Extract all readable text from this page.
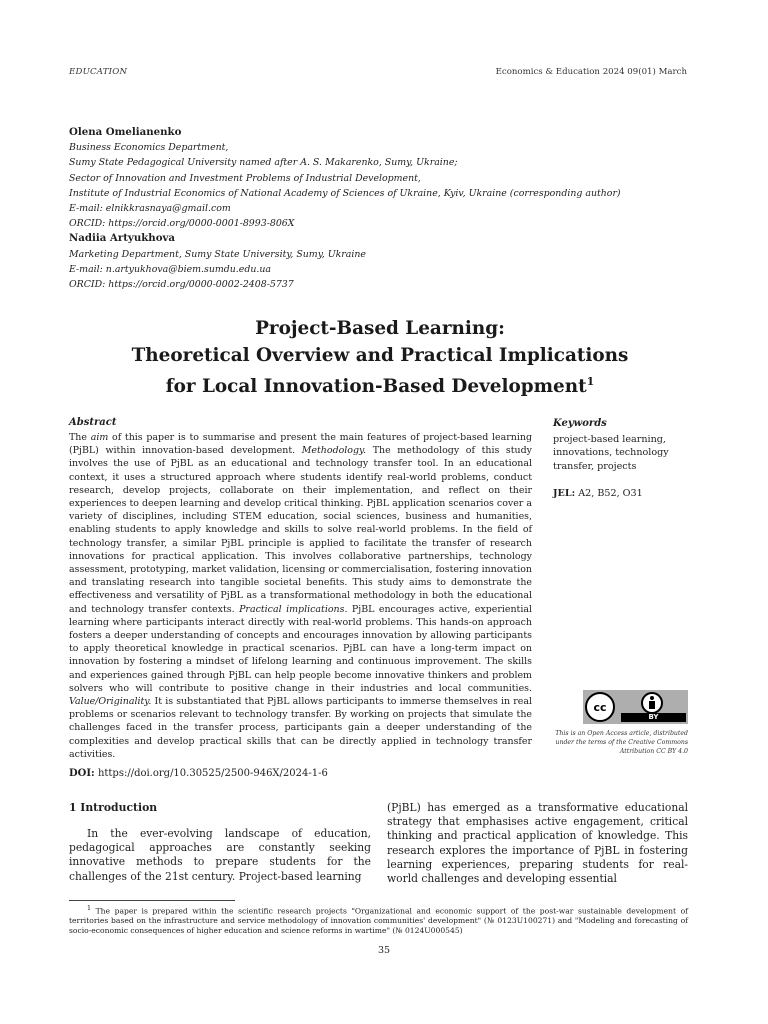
EDUCATION	Economics & Education 2024 09(01) March
Olena Omelianenko
Business Economics Department,
Sumy State Pedagogical University named after A. S. Makarenko, Sumy, Ukraine;
Sector of Innovation and Investment Problems of Industrial Development,
Institute of Industrial Economics of National Academy of Sciences of Ukraine, Kyiv, Ukraine (corresponding author)
E-mail: elnikkrasnaya@gmail.com
ORCID: https://orcid.org/0000-0001-8993-806X
Nadiia Artyukhova
Marketing Department, Sumy State University, Sumy, Ukraine
E-mail: n.artyukhova@biem.sumdu.edu.ua
ORCID: https://orcid.org/0000-0002-2408-5737
Project-Based Learning:
Theoretical Overview and Practical Implications
for Local Innovation-Based Development$^1$
Abstract

The aim of this paper is to summarise and present the main features of project-based learning (PjBL) within innovation-based development. Methodology. The methodology of this study involves the use of PjBL as an educational and technology transfer tool. In an educational context, it uses a structured approach where students identify real-world problems, conduct research, develop projects, collaborate on their implementation, and reflect on their experiences to deepen learning and develop critical thinking. PjBL application scenarios cover a variety of disciplines, including STEM education, social sciences, business and humanities, enabling students to apply knowledge and skills to solve real-world problems. In the field of technology transfer, a similar PjBL principle is applied to facilitate the transfer of research innovations for practical application. This involves collaborative partnerships, technology assessment, prototyping, market validation, licensing or commercialisation, fostering innovation and translating research into tangible societal benefits. This study aims to demonstrate the effectiveness and versatility of PjBL as a transformational methodology in both the educational and technology transfer contexts. Practical implications. PjBL encourages active, experiential learning where participants interact directly with real-world problems. This hands-on approach fosters a deeper understanding of concepts and encourages innovation by allowing participants to apply theoretical knowledge in practical scenarios. PjBL can have a long-term impact on innovation by fostering a mindset of lifelong learning and continuous improvement. The skills and experiences gained through PjBL can help people become innovative thinkers and problem solvers who will contribute to positive change in their industries and local communities. Value/Originality. It is substantiated that PjBL allows participants to immerse themselves in real problems or scenarios relevant to technology transfer. By working on projects that simulate the challenges faced in the transfer process, participants gain a deeper understanding of the complexities and develop practical skills that can be directly applied in technology transfer activities.

Keywords
project-based learning,
innovations, technology
transfer, projects
JEL: A2, B52, O31
cc
BY
This is an Open Access article, distributed
under the terms of the Creative Commons
Attribution CC BY 4.0
DOI: https://doi.org/10.30525/2500-946X/2024-1-6
1 Introduction

In the ever-evolving landscape of education, pedagogical approaches are constantly seeking innovative methods to prepare students for the challenges of the 21st century. Project-based learning

(PjBL) has emerged as a transformative educational strategy that emphasises active engagement, critical thinking and practical application of knowledge. This research explores the importance of PjBL in fostering learning experiences, preparing students for real-world challenges and developing essential

$^1$ The paper is prepared within the scientific research projects "Organizational and economic support of the post-war sustainable development of territories based on the infrastructure and service methodology of innovation communities' development" (№ 0123U100271) and "Modeling and forecasting of socio-economic consequences of higher education and science reforms in wartime" (№ 0124U000545)

35
